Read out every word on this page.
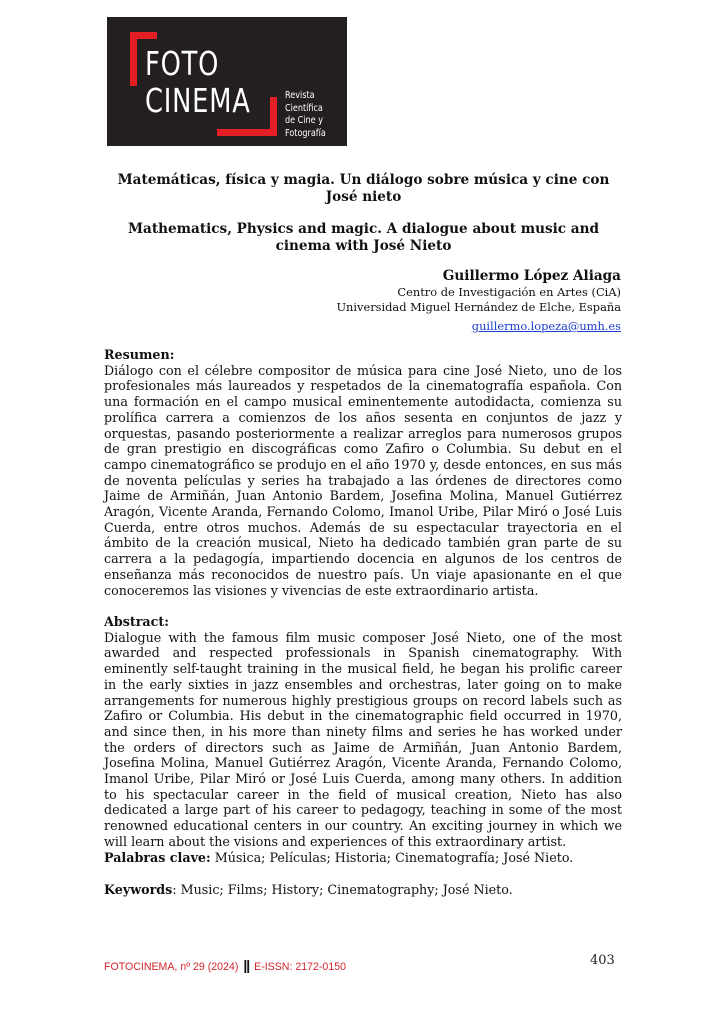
FOTO
CINEMA	Revista
Científica
de Cine y
Fotografía
Matemáticas, física y magia. Un diálogo sobre música y cine con José nieto
Mathematics, Physics and magic. A dialogue about music and cinema with José Nieto
Guillermo López Aliaga
Centro de Investigación en Artes (CiA)
Universidad Miguel Hernández de Elche, España
guillermo.lopeza@umh.es
Resumen:
Diálogo con el célebre compositor de música para cine José Nieto, uno de los profesionales más laureados y respetados de la cinematografía española. Con una formación en el campo musical eminentemente autodidacta, comienza su prolífica carrera a comienzos de los años sesenta en conjuntos de jazz y orquestas, pasando posteriormente a realizar arreglos para numerosos grupos de gran prestigio en discográficas como Zafiro o Columbia. Su debut en el campo cinematográfico se produjo en el año 1970 y, desde entonces, en sus más de noventa películas y series ha trabajado a las órdenes de directores como Jaime de Armiñán, Juan Antonio Bardem, Josefina Molina, Manuel Gutiérrez Aragón, Vicente Aranda, Fernando Colomo, Imanol Uribe, Pilar Miró o José Luis Cuerda, entre otros muchos. Además de su espectacular trayectoria en el ámbito de la creación musical, Nieto ha dedicado también gran parte de su carrera a la pedagogía, impartiendo docencia en algunos de los centros de enseñanza más reconocidos de nuestro país. Un viaje apasionante en el que conoceremos las visiones y vivencias de este extraordinario artista.
Abstract:
Dialogue with the famous film music composer José Nieto, one of the most awarded and respected professionals in Spanish cinematography. With eminently self-taught training in the musical field, he began his prolific career in the early sixties in jazz ensembles and orchestras, later going on to make arrangements for numerous highly prestigious groups on record labels such as Zafiro or Columbia. His debut in the cinematographic field occurred in 1970, and since then, in his more than ninety films and series he has worked under the orders of directors such as Jaime de Armiñán, Juan Antonio Bardem, Josefina Molina, Manuel Gutiérrez Aragón, Vicente Aranda, Fernando Colomo, Imanol Uribe, Pilar Miró or José Luis Cuerda, among many others. In addition to his spectacular career in the field of musical creation, Nieto has also dedicated a large part of his career to pedagogy, teaching in some of the most renowned educational centers in our country. An exciting journey in which we will learn about the visions and experiences of this extraordinary artist.
Palabras clave: Música; Películas; Historia; Cinematografía; José Nieto.
Keywords: Music; Films; History; Cinematography; José Nieto.
FOTOCINEMA, nº 29 (2024) || E-ISSN: 2172-0150	403
